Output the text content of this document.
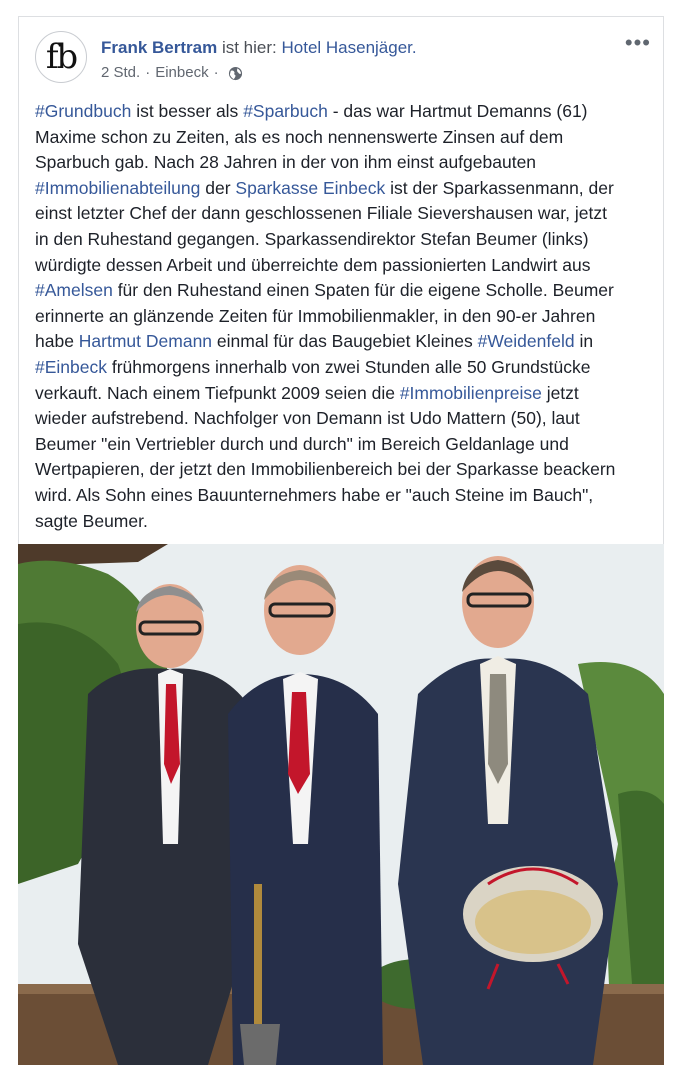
fb	Frank Bertram ist hier: Hotel Hasenjäger.
2 Std. · Einbeck ·
•••
#Grundbuch ist besser als #Sparbuch - das war Hartmut Demanns (61)
Maxime schon zu Zeiten, als es noch nennenswerte Zinsen auf dem
Sparbuch gab. Nach 28 Jahren in der von ihm einst aufgebauten
#Immobilienabteilung der Sparkasse Einbeck ist der Sparkassenmann, der
einst letzter Chef der dann geschlossenen Filiale Sievershausen war, jetzt
in den Ruhestand gegangen. Sparkassendirektor Stefan Beumer (links)
würdigte dessen Arbeit und überreichte dem passionierten Landwirt aus
#Amelsen für den Ruhestand einen Spaten für die eigene Scholle. Beumer
erinnerte an glänzende Zeiten für Immobilienmakler, in den 90-er Jahren
habe Hartmut Demann einmal für das Baugebiet Kleines #Weidenfeld in
#Einbeck frühmorgens innerhalb von zwei Stunden alle 50 Grundstücke
verkauft. Nach einem Tiefpunkt 2009 seien die #Immobilienpreise jetzt
wieder aufstrebend. Nachfolger von Demann ist Udo Mattern (50), laut
Beumer "ein Vertriebler durch und durch" im Bereich Geldanlage und
Wertpapieren, der jetzt den Immobilienbereich bei der Sparkasse beackern
wird. Als Sohn eines Bauunternehmers habe er "auch Steine im Bauch",
sagte Beumer.
